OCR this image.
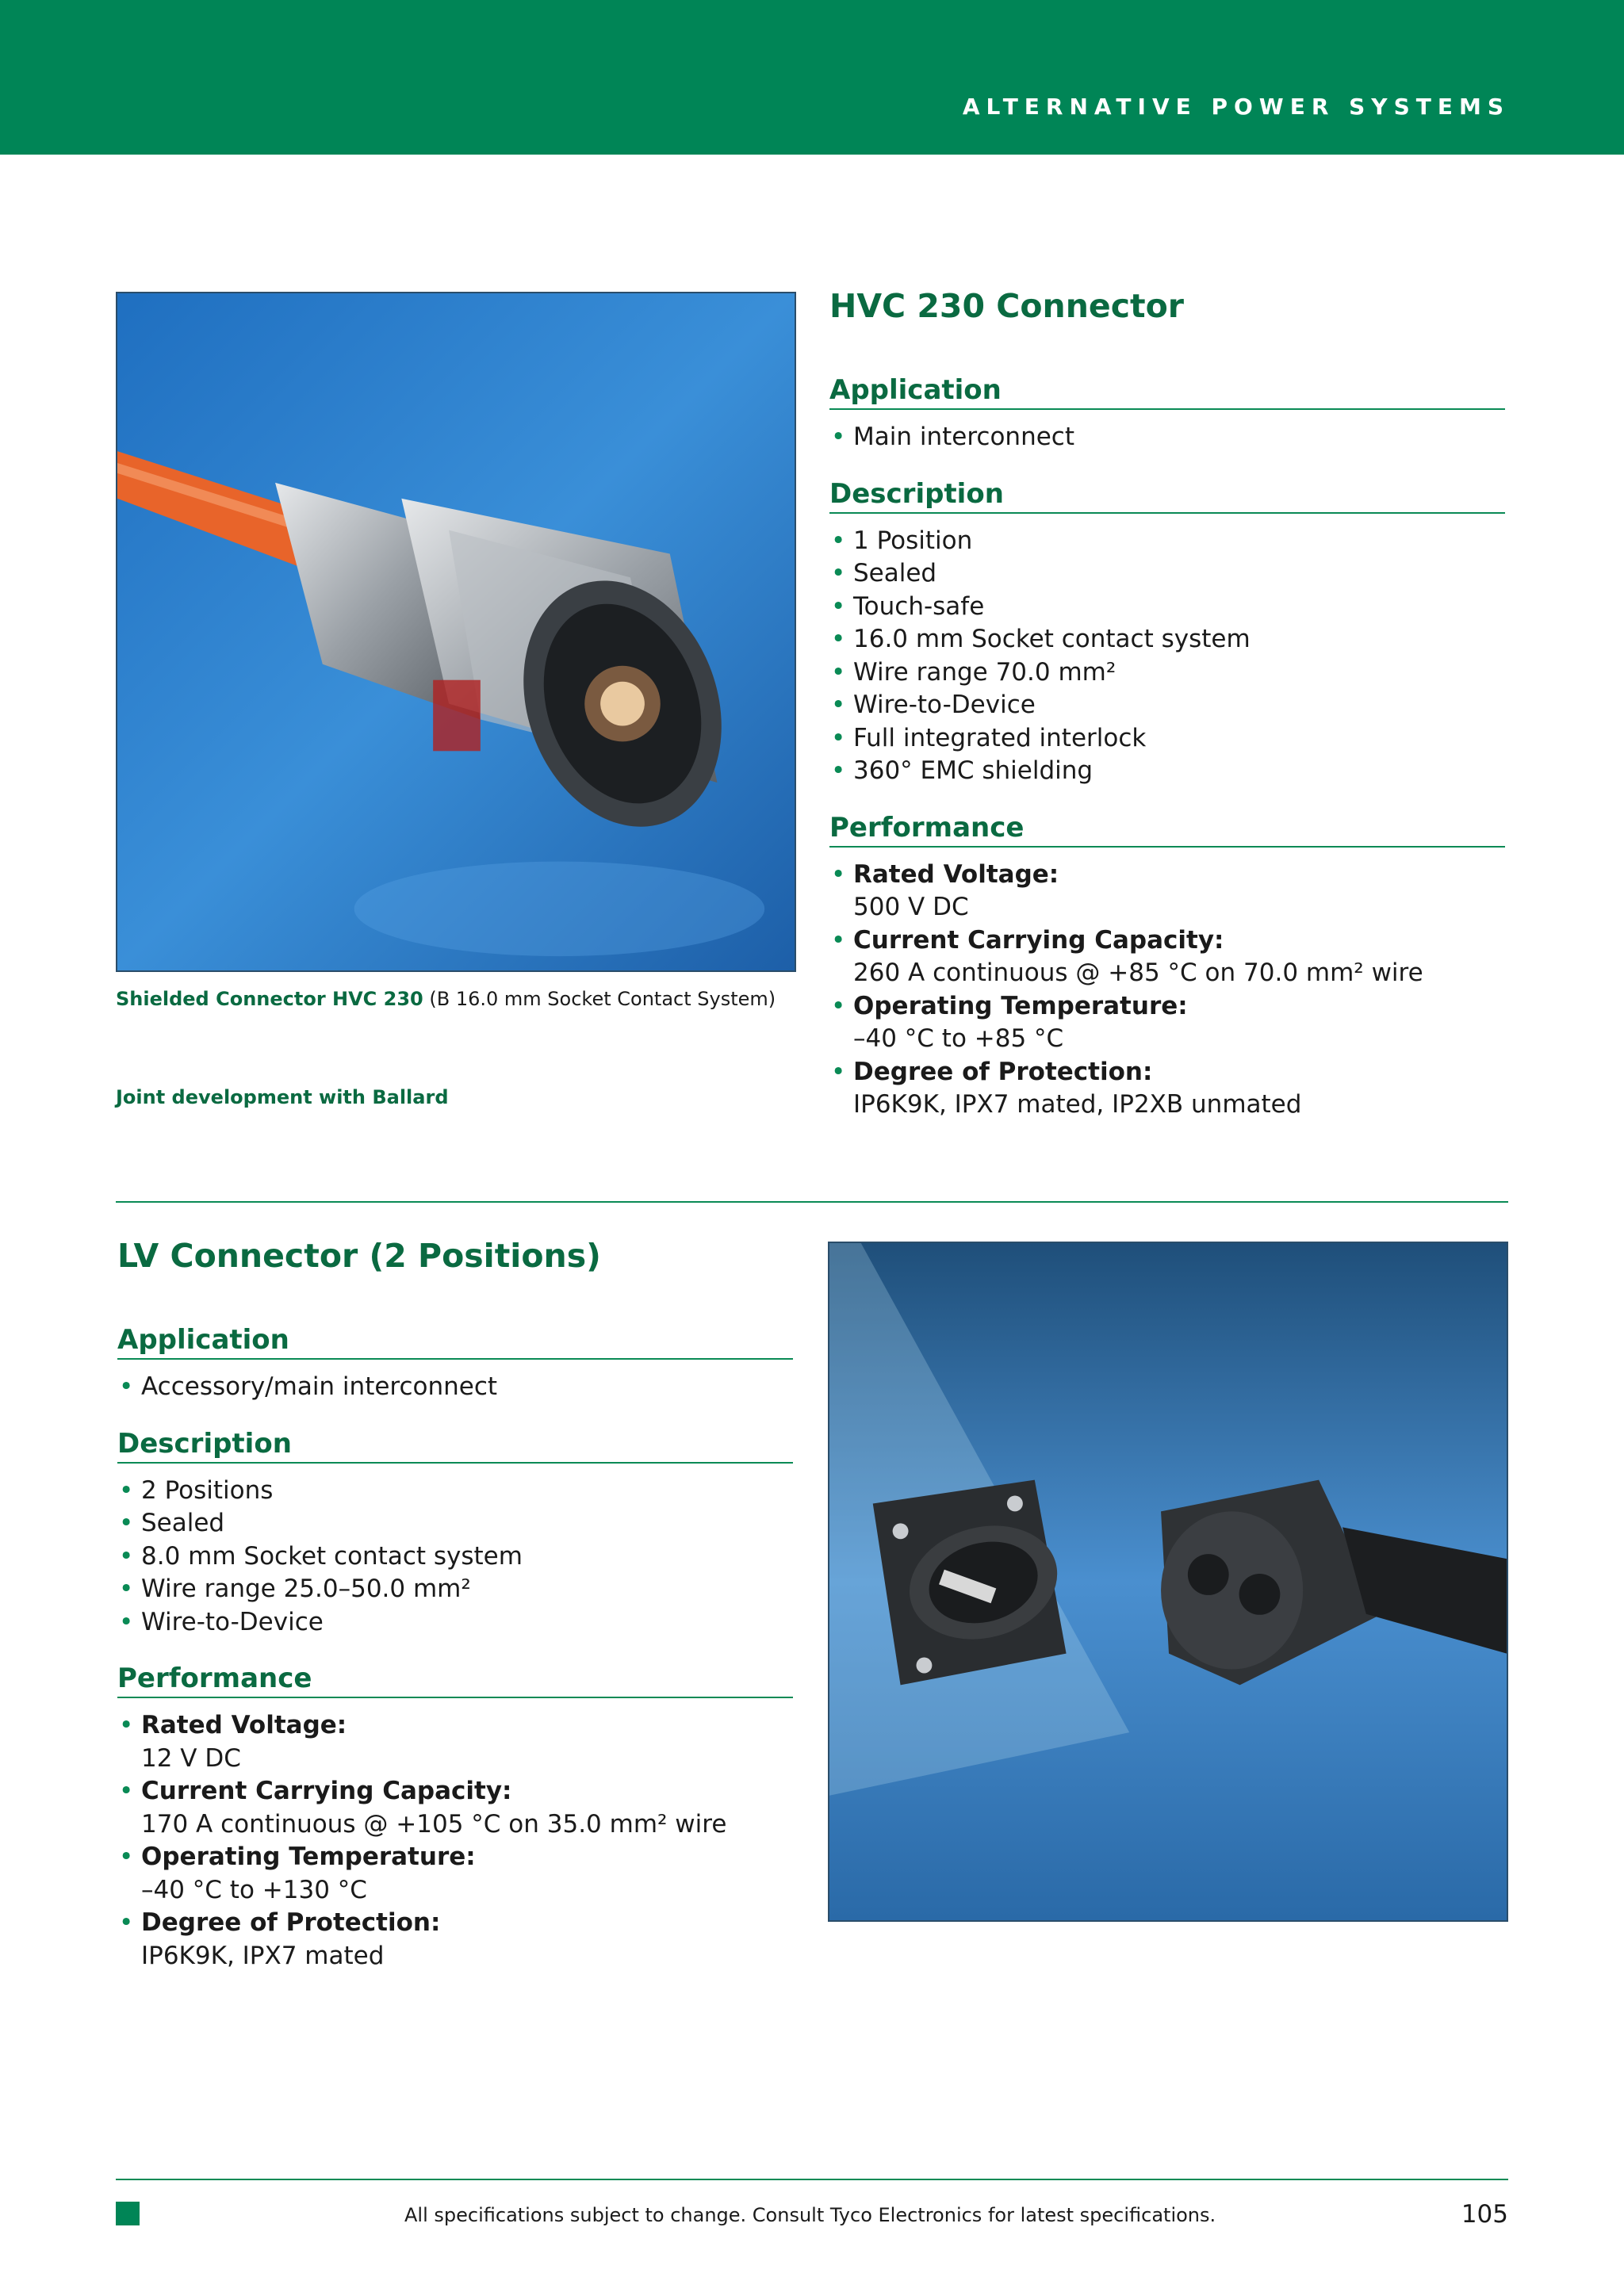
ALTERNATIVE POWER SYSTEMS
Shielded Connector HVC 230 (B 16.0 mm Socket Contact System)
Joint development with Ballard
HVC 230 Connector
Application
• Main interconnect
Description
• 1 Position
• Sealed
• Touch-safe
• 16.0 mm Socket contact system
• Wire range 70.0 mm²
• Wire-to-Device
• Full integrated interlock
• 360° EMC shielding
Performance
• Rated Voltage:
500 V DC
• Current Carrying Capacity:
260 A continuous @ +85 °C on 70.0 mm² wire
• Operating Temperature:
–40 °C to +85 °C
• Degree of Protection:
IP6K9K, IPX7 mated, IP2XB unmated
LV Connector (2 Positions)
Application
• Accessory/main interconnect
Description
• 2 Positions
• Sealed
• 8.0 mm Socket contact system
• Wire range 25.0–50.0 mm²
• Wire-to-Device
Performance
• Rated Voltage:
12 V DC
• Current Carrying Capacity:
170 A continuous @ +105 °C on 35.0 mm² wire
• Operating Temperature:
–40 °C to +130 °C
• Degree of Protection:
IP6K9K, IPX7 mated
All specifications subject to change. Consult Tyco Electronics for latest specifications.	105
